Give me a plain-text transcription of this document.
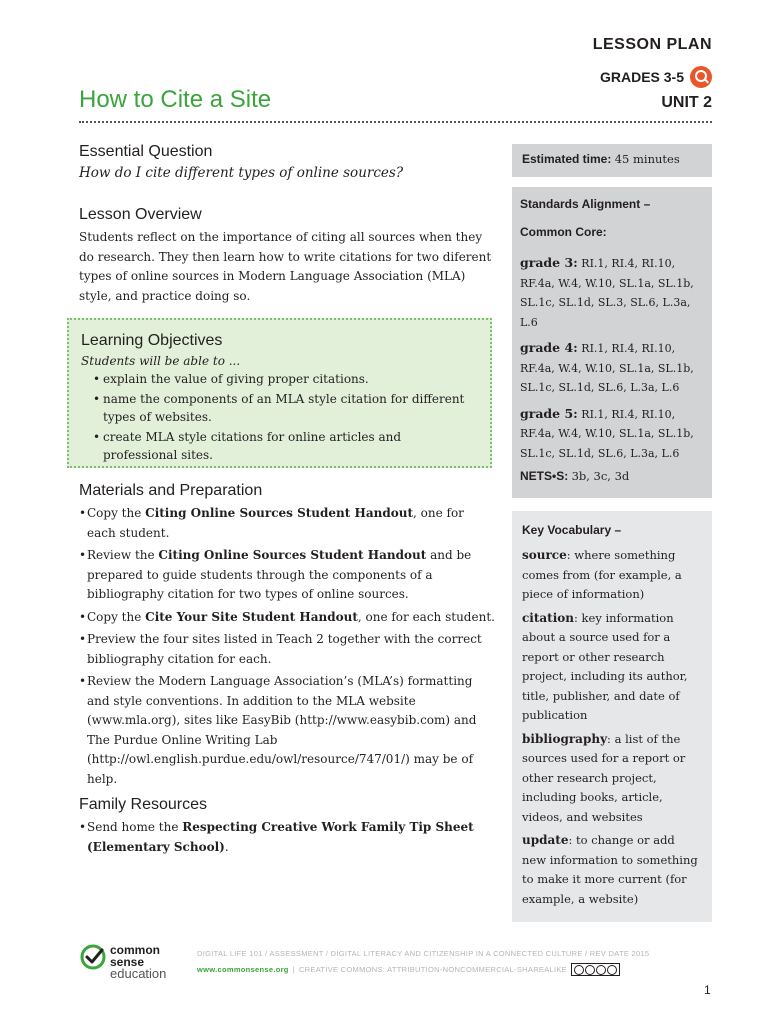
LESSON PLAN
GRADES 3-5
UNIT 2
How to Cite a Site
Essential Question

How do I cite different types of online sources?

Lesson Overview

Students reflect on the importance of citing all sources when they do research. They then learn how to write citations for two diferent types of online sources in Modern Language Association (MLA) style, and practice doing so.

Learning Objectives

Students will be able to ...

• explain the value of giving proper citations.
• name the components of an MLA style citation for different types of websites.
• create MLA style citations for online articles and professional sites.
Materials and Preparation
• Copy the Citing Online Sources Student Handout, one for each student.
• Review the Citing Online Sources Student Handout and be prepared to guide students through the components of a bibliography citation for two types of online sources.
• Copy the Cite Your Site Student Handout, one for each student.
• Preview the four sites listed in Teach 2 together with the correct bibliography citation for each.
• Review the Modern Language Association’s (MLA’s) formatting and style conventions. In addition to the MLA website (www.mla.org), sites like EasyBib (http://www.easybib.com) and The Purdue Online Writing Lab (http://owl.english.purdue.edu/owl/resource/747/01/) may be of help.
Family Resources
• Send home the Respecting Creative Work Family Tip Sheet (Elementary School).
Estimated time: 45 minutes

Standards Alignment –

Common Core:

grade 3: RI.1, RI.4, RI.10, RF.4a, W.4, W.10, SL.1a, SL.1b, SL.1c, SL.1d, SL.3, SL.6, L.3a, L.6

grade 4: RI.1, RI.4, RI.10, RF.4a, W.4, W.10, SL.1a, SL.1b, SL.1c, SL.1d, SL.6, L.3a, L.6

grade 5: RI.1, RI.4, RI.10, RF.4a, W.4, W.10, SL.1a, SL.1b, SL.1c, SL.1d, SL.6, L.3a, L.6

NETS•S: 3b, 3c, 3d

Key Vocabulary –

source: where something comes from (for example, a piece of information)

citation: key information about a source used for a report or other research project, including its author, title, publisher, and date of publication

bibliography: a list of the sources used for a report or other research project, including books, article, videos, and websites

update: to change or add new information to something to make it more current (for example, a website)

common
sense
education
DIGITAL LIFE 101 / ASSESSMENT / DIGITAL LITERACY AND CITIZENSHIP IN A CONNECTED CULTURE / REV DATE 2015
www.commonsense.org | CREATIVE COMMONS: ATTRIBUTION-NONCOMMERCIAL-SHAREALIKE
1
